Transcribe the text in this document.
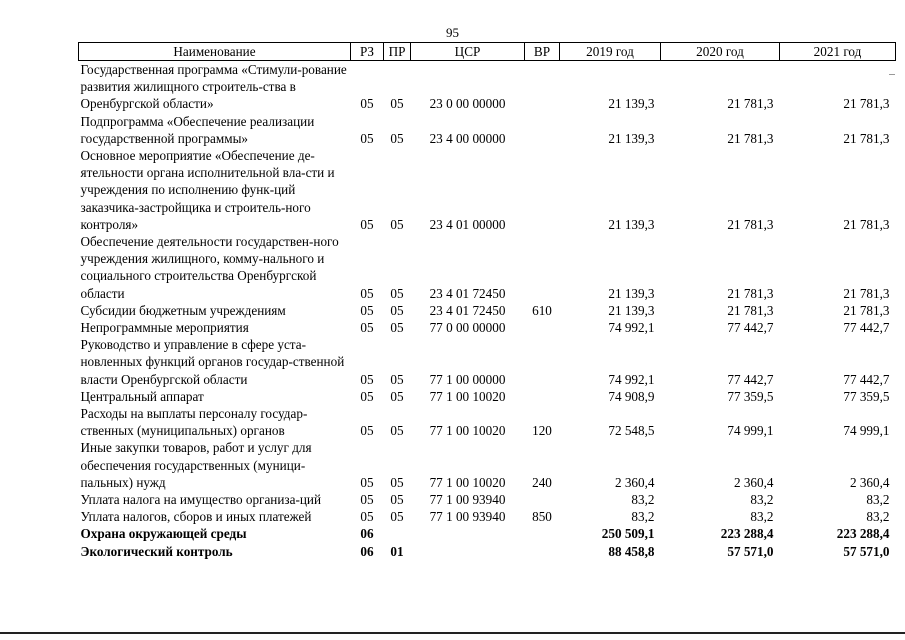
95
Наименование	РЗ	ПР	ЦСР	ВР	2019 год	2020 год	2021 год
Государственная программа «Стимули-рование развития жилищного строитель-ства в Оренбургской области»	05	05	23 0 00 00000		21 139,3	21 781,3	21 781,3
Подпрограмма «Обеспечение реализации государственной программы»	05	05	23 4 00 00000		21 139,3	21 781,3	21 781,3
Основное мероприятие «Обеспечение де-ятельности органа исполнительной вла-сти и учреждения по исполнению функ-ций заказчика-застройщика и строитель-ного контроля»	05	05	23 4 01 00000		21 139,3	21 781,3	21 781,3
Обеспечение деятельности государствен-ного учреждения жилищного, комму-нального и социального строительства Оренбургской области	05	05	23 4 01 72450		21 139,3	21 781,3	21 781,3
Субсидии бюджетным учреждениям	05	05	23 4 01 72450	610	21 139,3	21 781,3	21 781,3
Непрограммные мероприятия	05	05	77 0 00 00000		74 992,1	77 442,7	77 442,7
Руководство и управление в сфере уста-новленных функций органов государ-ственной власти Оренбургской области	05	05	77 1 00 00000		74 992,1	77 442,7	77 442,7
Центральный аппарат	05	05	77 1 00 10020		74 908,9	77 359,5	77 359,5
Расходы на выплаты персоналу государ-ственных (муниципальных) органов	05	05	77 1 00 10020	120	72 548,5	74 999,1	74 999,1
Иные закупки товаров, работ и услуг для обеспечения государственных (муници-пальных) нужд	05	05	77 1 00 10020	240	2 360,4	2 360,4	2 360,4
Уплата налога на имущество организа-ций	05	05	77 1 00 93940		83,2	83,2	83,2
Уплата налогов, сборов и иных платежей	05	05	77 1 00 93940	850	83,2	83,2	83,2
Охрана окружающей среды	06				250 509,1	223 288,4	223 288,4
Экологический контроль	06	01			88 458,8	57 571,0	57 571,0
